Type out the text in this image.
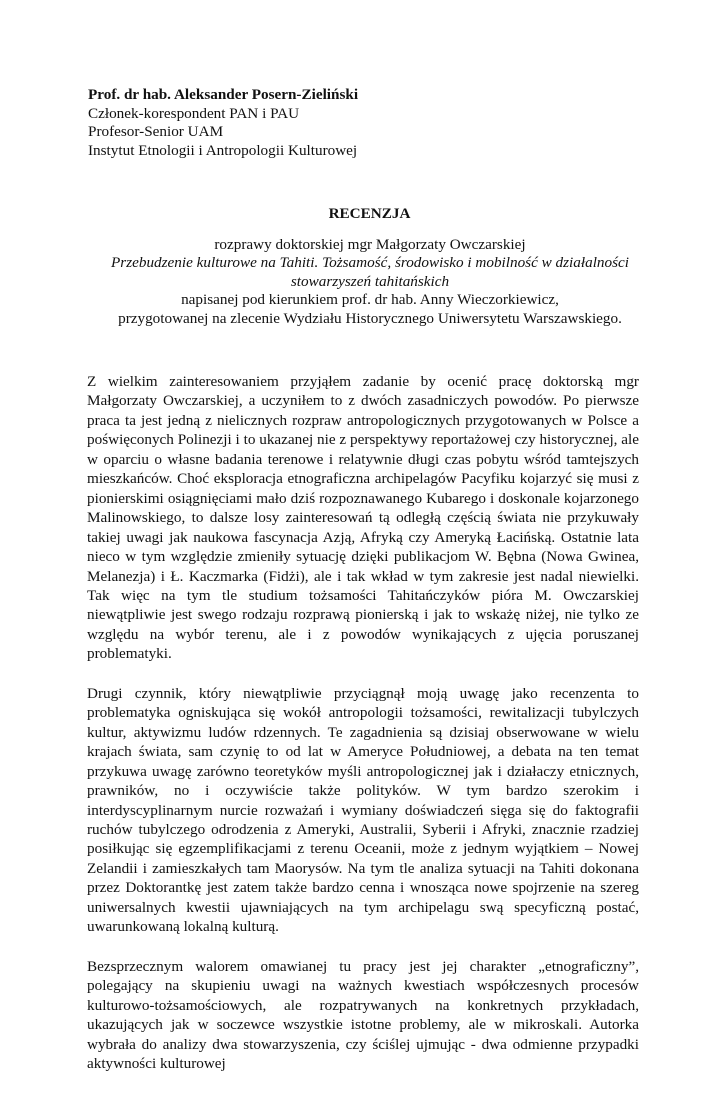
Prof. dr hab. Aleksander Posern-Zieliński
Członek-korespondent PAN i PAU
Profesor-Senior UAM
Instytut Etnologii i Antropologii Kulturowej
RECENZJA
rozprawy doktorskiej mgr Małgorzaty Owczarskiej
Przebudzenie kulturowe na Tahiti. Tożsamość, środowisko i mobilność w działalności
stowarzyszeń tahitańskich
napisanej pod kierunkiem prof. dr hab. Anny Wieczorkiewicz,
przygotowanej na zlecenie Wydziału Historycznego Uniwersytetu Warszawskiego.

Z wielkim zainteresowaniem przyjąłem zadanie by ocenić pracę doktorską mgr Małgorzaty Owczarskiej, a uczyniłem to z dwóch zasadniczych powodów. Po pierwsze praca ta jest jedną z nielicznych rozpraw antropologicznych przygotowanych w Polsce a poświęconych Polinezji i to ukazanej nie z perspektywy reportażowej czy historycznej, ale w oparciu o własne badania terenowe i relatywnie długi czas pobytu wśród tamtejszych mieszkańców. Choć eksploracja etnograficzna archipelagów Pacyfiku kojarzyć się musi z pionierskimi osiągnięciami mało dziś rozpoznawanego Kubarego i doskonale kojarzonego Malinowskiego, to dalsze losy zainteresowań tą odległą częścią świata nie przykuwały takiej uwagi jak naukowa fascynacja Azją, Afryką czy Ameryką Łacińską. Ostatnie lata nieco w tym względzie zmieniły sytuację dzięki publikacjom W. Bębna (Nowa Gwinea, Melanezja) i Ł. Kaczmarka (Fidżi), ale i tak wkład w tym zakresie jest nadal niewielki. Tak więc na tym tle studium tożsamości Tahitańczyków pióra M. Owczarskiej niewątpliwie jest swego rodzaju rozprawą pionierską i jak to wskażę niżej, nie tylko ze względu na wybór terenu, ale i z powodów wynikających z ujęcia poruszanej problematyki.

Drugi czynnik, który niewątpliwie przyciągnął moją uwagę jako recenzenta to problematyka ogniskująca się wokół antropologii tożsamości, rewitalizacji tubylczych kultur, aktywizmu ludów rdzennych. Te zagadnienia są dzisiaj obserwowane w wielu krajach świata, sam czynię to od lat w Ameryce Południowej, a debata na ten temat przykuwa uwagę zarówno teoretyków myśli antropologicznej jak i działaczy etnicznych, prawników, no i oczywiście także polityków. W tym bardzo szerokim i interdyscyplinarnym nurcie rozważań i wymiany doświadczeń sięga się do faktografii ruchów tubylczego odrodzenia z Ameryki, Australii, Syberii i Afryki, znacznie rzadziej posiłkując się egzemplifikacjami z terenu Oceanii, może z jednym wyjątkiem – Nowej Zelandii i zamieszkałych tam Maorysów. Na tym tle analiza sytuacji na Tahiti dokonana przez Doktorantkę jest zatem także bardzo cenna i wnosząca nowe spojrzenie na szereg uniwersalnych kwestii ujawniających na tym archipelagu swą specyficzną postać, uwarunkowaną lokalną kulturą.

Bezsprzecznym walorem omawianej tu pracy jest jej charakter „etnograficzny”, polegający na skupieniu uwagi na ważnych kwestiach współczesnych procesów kulturowo-tożsamościowych, ale rozpatrywanych na konkretnych przykładach, ukazujących jak w soczewce wszystkie istotne problemy, ale w mikroskali. Autorka wybrała do analizy dwa stowarzyszenia, czy ściślej ujmując - dwa odmienne przypadki aktywności kulturowej
